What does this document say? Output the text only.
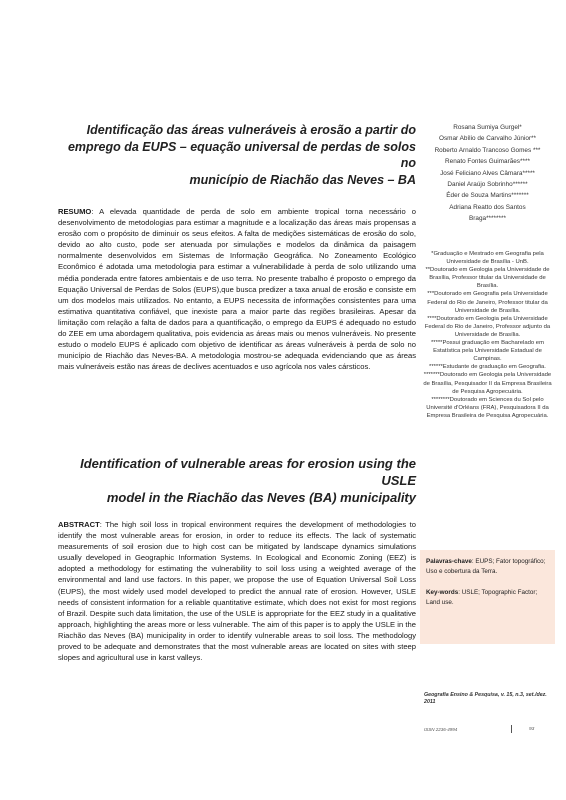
Identificação das áreas vulneráveis à erosão a partir do
emprego da EUPS – equação universal de perdas de solos no
município de Riachão das Neves – BA
Rosana Sumiya Gurgel*
Osmar Abílio de Carvalho Júnior**
Roberto Arnaldo Trancoso Gomes ***
Renato Fontes Guimarães****
José Feliciano Alves Câmara*****
Daniel Araújo Sobrinho******
Éder de Souza Martins*******
Adriana Reatto dos Santos
Braga********
RESUMO: A elevada quantidade de perda de solo em ambiente tropical torna necessário o desenvolvimento de metodologias para estimar a magnitude e a localização das áreas mais propensas a erosão com o propósito de diminuir os seus efeitos. A falta de medições sistemáticas de erosão do solo, devido ao alto custo, pode ser atenuada por simulações e modelos da dinâmica da paisagem normalmente desenvolvidos em Sistemas de Informação Geográfica. No Zoneamento Ecológico Econômico é adotada uma metodologia para estimar a vulnerabilidade à perda de solo utilizando uma média ponderada entre fatores ambientais e de uso terra. No presente trabalho é proposto o emprego da Equação Universal de Perdas de Solos (EUPS),que busca predizer a taxa anual de erosão e consiste em um dos modelos mais utilizados. No entanto, a EUPS necessita de informações consistentes para uma estimativa quantitativa confiável, que inexiste para a maior parte das regiões brasileiras. Apesar da limitação com relação a falta de dados para a quantificação, o emprego da EUPS é adequado no estudo do ZEE em uma abordagem qualitativa, pois evidencia as áreas mais ou menos vulneráveis. No presente estudo o modelo EUPS é aplicado com objetivo de identificar as áreas vulneráveis à perda de solo no município de Riachão das Neves-BA. A metodologia mostrou-se adequada evidenciando que as áreas mais vulneráveis estão nas áreas de declives acentuados e uso agrícola nos vales cársticos.
*Graduação e Mestrado em Geografia pela Universidade de Brasília - UnB.
**Doutorado em Geologia pela Universidade de Brasília, Professor titular da Universidade de Brasília.
***Doutorado em Geografia pela Universidade Federal do Rio de Janeiro, Professor titular da Universidade de Brasília.
****Doutorado em Geologia pela Universidade Federal do Rio de Janeiro, Professor adjunto da Universidade de Brasília.
*****Possui graduação em Bacharelado em Estatística pela Universidade Estadual de Campinas.
******Estudante de graduação em Geografia.
*******Doutorado em Geologia pela Universidade de Brasília, Pesquisador II da Empresa Brasileira de Pesquisa Agropecuária.
********Doutorado em Sciences du Sol pelo Université d'Orléans (FRA), Pesquisadora II da Empresa Brasileira de Pesquisa Agropecuária.
Identification of vulnerable areas for erosion using the USLE
model in the Riachão das Neves (BA) municipality
ABSTRACT: The high soil loss in tropical environment requires the development of methodologies to identify the most vulnerable areas for erosion, in order to reduce its effects. The lack of systematic measurements of soil erosion due to high cost can be mitigated by landscape dynamics simulations usually developed in Geographic Information Systems. In Ecological and Economic Zoning (EEZ) is adopted a methodology for estimating the vulnerability to soil loss using a weighted average of the environmental and land use factors. In this paper, we propose the use of Equation Universal Soil Loss (EUPS), the most widely used model developed to predict the annual rate of erosion. However, USLE needs of consistent information for a reliable quantitative estimate, which does not exist for most regions of Brazil. Despite such data limitation, the use of the USLE is appropriate for the EEZ study in a qualitative approach, highlighting the areas more or less vulnerable. The aim of this paper is to apply the USLE in the Riachão das Neves (BA) municipality in order to identify vulnerable areas to soil loss. The methodology proved to be adequate and demonstrates that the most vulnerable areas are located on sites with steep slopes and agricultural use in karst valleys.

Palavras-chave: EUPS; Fator topográfico; Uso e cobertura da Terra.

Key-words: USLE; Topographic Factor; Land use.

Geografia Ensino & Pesquisa, v. 15, n.3, set./dez. 2011
ISSN 2236-4994	93
